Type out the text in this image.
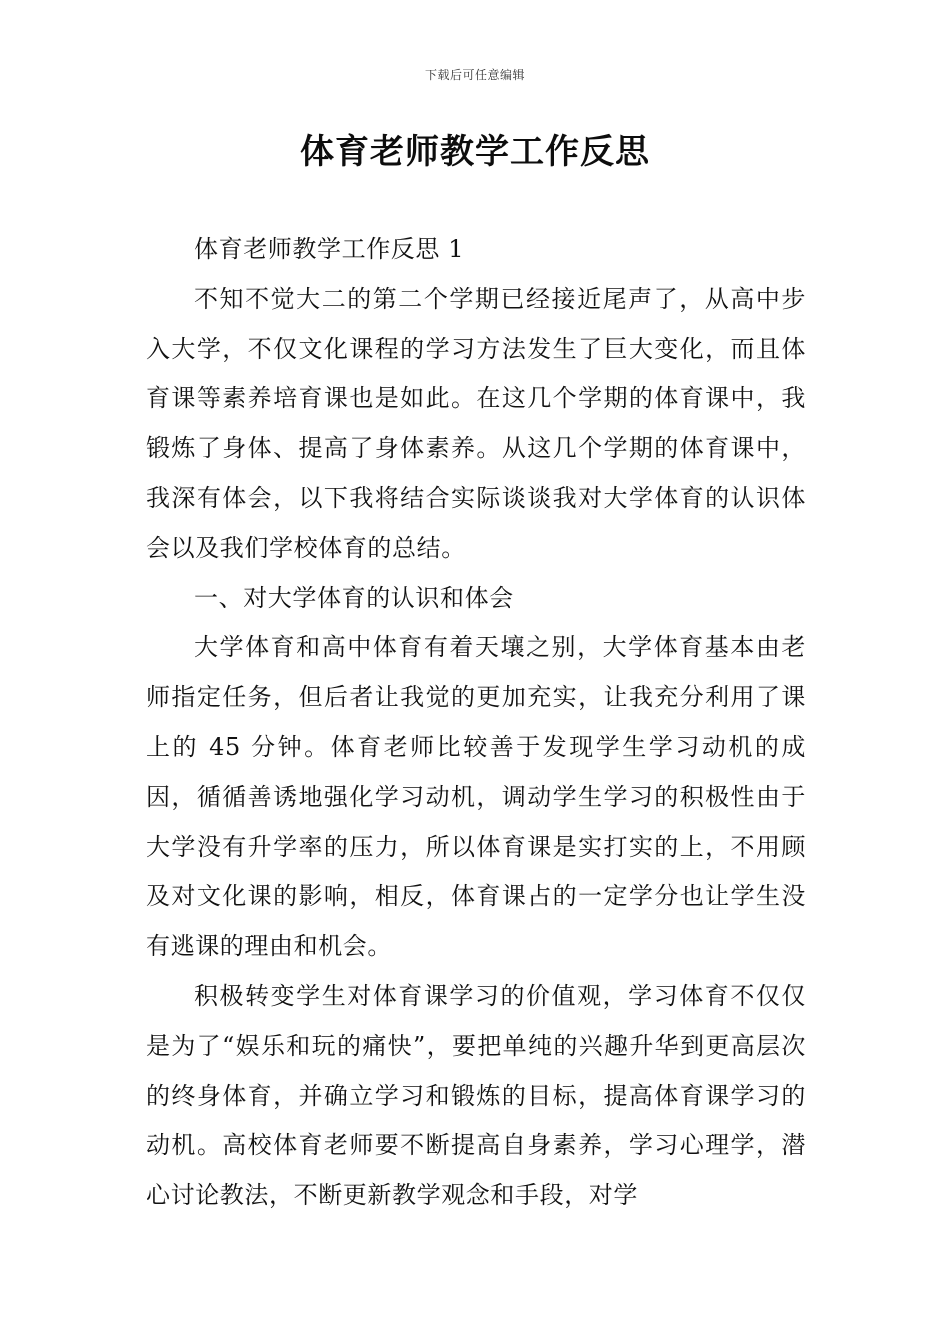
下载后可任意编辑
体育老师教学工作反思

体育老师教学工作反思 1

不知不觉大二的第二个学期已经接近尾声了，从高中步入大学，不仅文化课程的学习方法发生了巨大变化，而且体育课等素养培育课也是如此。在这几个学期的体育课中，我锻炼了身体、提高了身体素养。从这几个学期的体育课中，我深有体会，以下我将结合实际谈谈我对大学体育的认识体会以及我们学校体育的总结。

一、对大学体育的认识和体会

大学体育和高中体育有着天壤之别，大学体育基本由老师指定任务，但后者让我觉的更加充实，让我充分利用了课上的 45 分钟。体育老师比较善于发现学生学习动机的成因，循循善诱地强化学习动机，调动学生学习的积极性由于大学没有升学率的压力，所以体育课是实打实的上，不用顾及对文化课的影响，相反，体育课占的一定学分也让学生没有逃课的理由和机会。

积极转变学生对体育课学习的价值观，学习体育不仅仅是为了“娱乐和玩的痛快”，要把单纯的兴趣升华到更高层次的终身体育，并确立学习和锻炼的目标，提高体育课学习的动机。高校体育老师要不断提高自身素养，学习心理学，潜心讨论教法，不断更新教学观念和手段，对学
